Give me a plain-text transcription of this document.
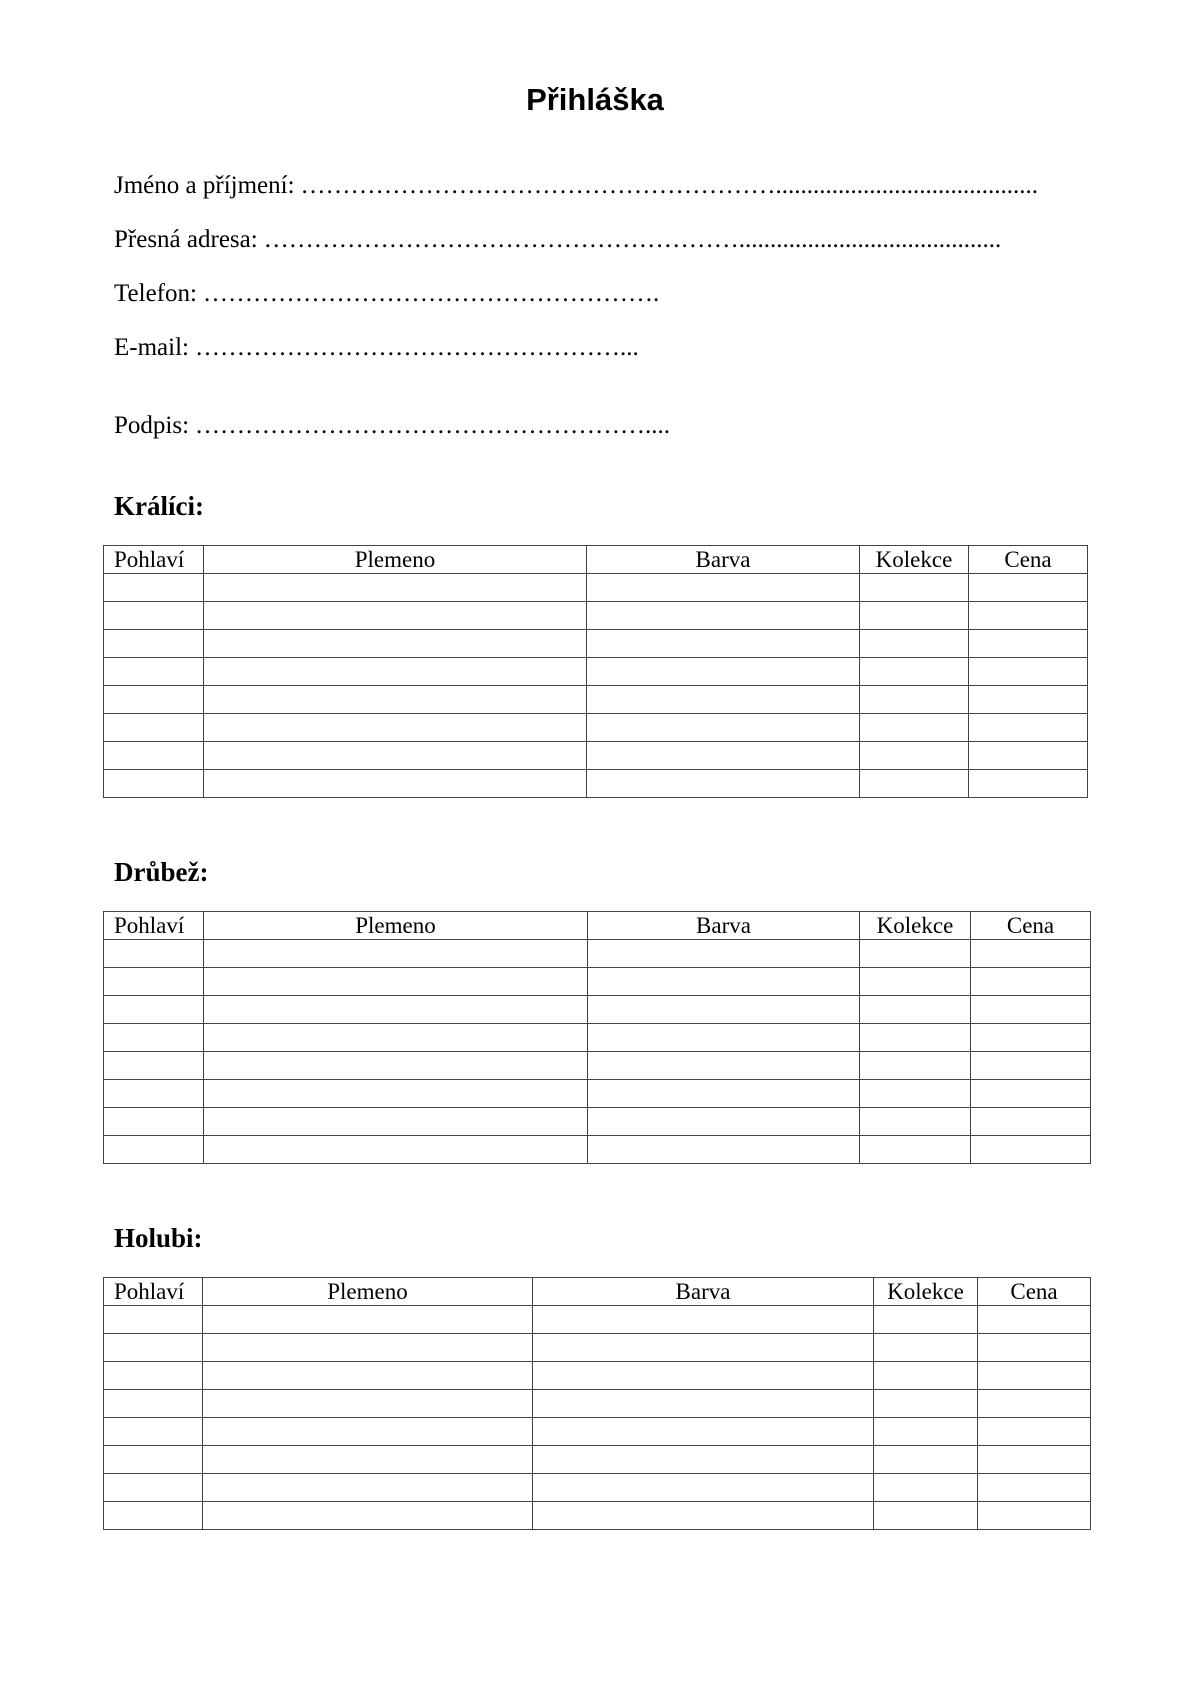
Přihláška
Jméno a příjmení: …………………………………………………..........................................
Přesná adresa: …………………………………………………..........................................
Telefon: ……………………………………………….
E-mail: ……………………………………………...
Podpis: ………………………………………………....
Králíci:
Pohlaví	Plemeno	Barva	Kolekce	Cena

Drůbež:
Pohlaví	Plemeno	Barva	Kolekce	Cena

Holubi:
Pohlaví	Plemeno	Barva	Kolekce	Cena
